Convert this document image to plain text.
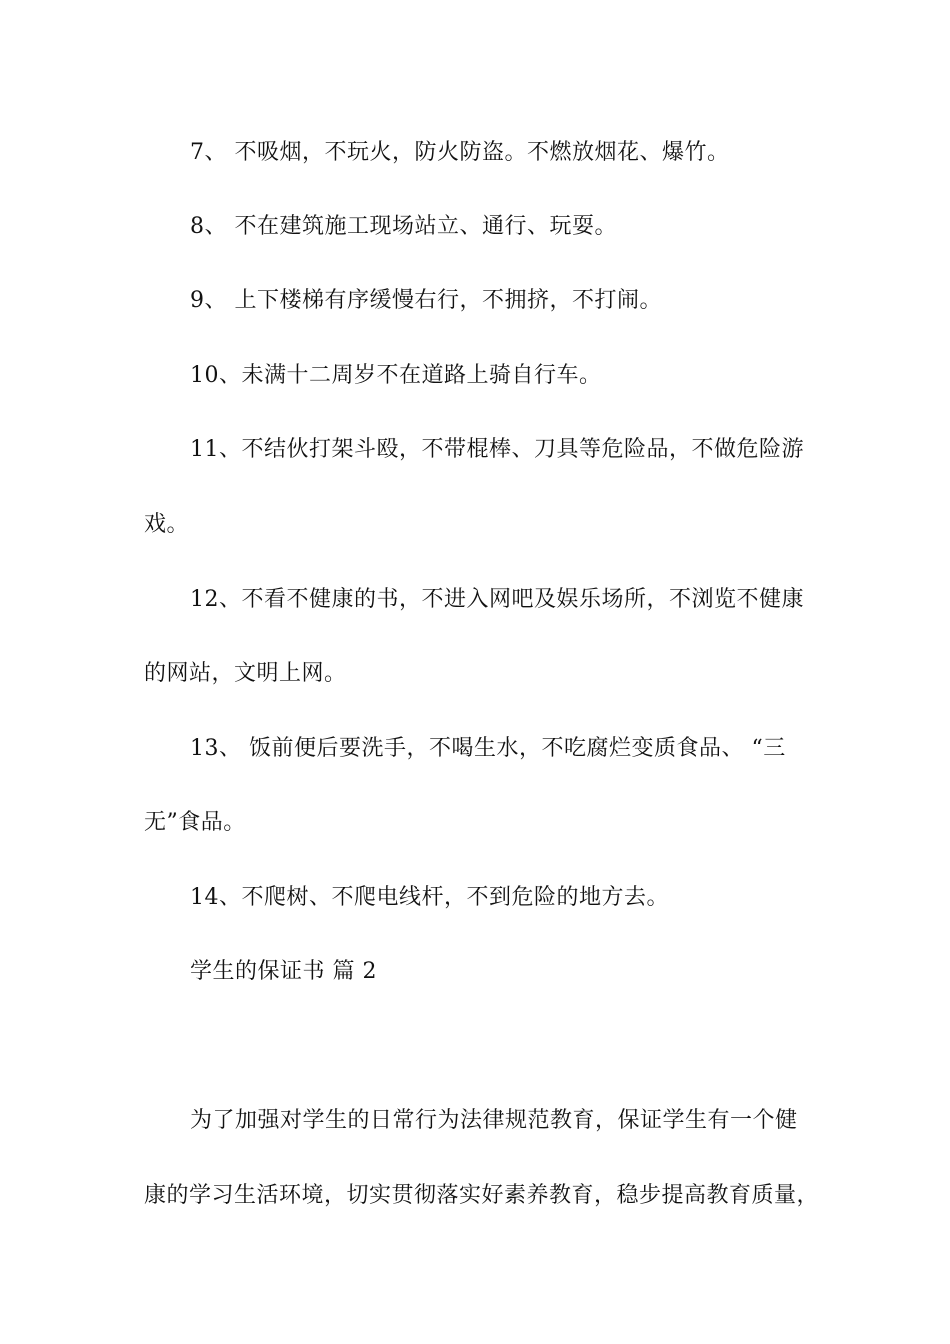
7、 不吸烟，不玩火，防火防盗。不燃放烟花、爆竹。
8、 不在建筑施工现场站立、通行、玩耍。
9、 上下楼梯有序缓慢右行，不拥挤，不打闹。
10、未满十二周岁不在道路上骑自行车。
11、不结伙打架斗殴，不带棍棒、刀具等危险品，不做危险游
戏。
12、不看不健康的书，不进入网吧及娱乐场所，不浏览不健康
的网站，文明上网。
13、 饭前便后要洗手，不喝生水，不吃腐烂变质食品、 “三
无”食品。
14、不爬树、不爬电线杆，不到危险的地方去。
学生的保证书 篇 2
为了加强对学生的日常行为法律规范教育，保证学生有一个健
康的学习生活环境，切实贯彻落实好素养教育，稳步提高教育质量，
